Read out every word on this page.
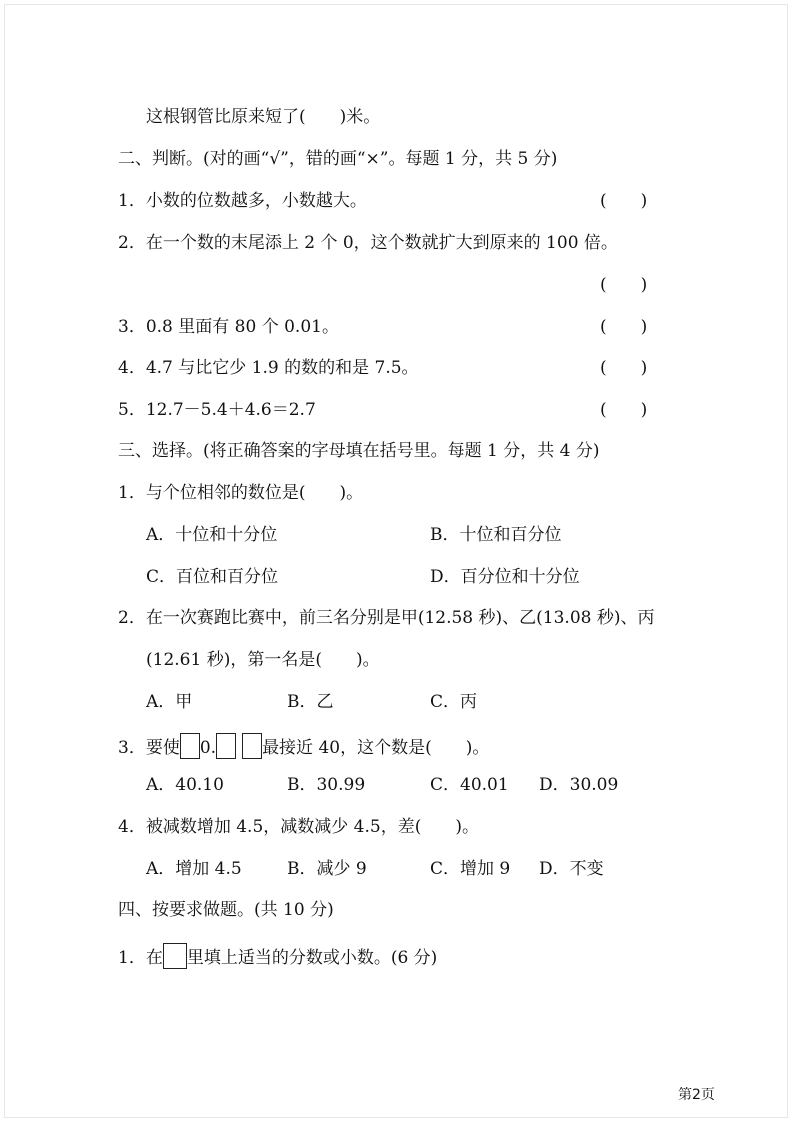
这根钢管比原来短了(　　)米。
二、判断。(对的画“√”，错的画“×”。每题 1 分，共 5 分)
1．小数的位数越多，小数越大。	(　　)
2．在一个数的末尾添上 2 个 0，这个数就扩大到原来的 100 倍。
(　　)
3．0.8 里面有 80 个 0.01。	(　　)
4．4.7 与比它少 1.9 的数的和是 7.5。	(　　)
5．12.7－5.4＋4.6＝2.7	(　　)
三、选择。(将正确答案的字母填在括号里。每题 1 分，共 4 分)
1．与个位相邻的数位是(　　)。
A．十位和十分位	B．十位和百分位
C．百位和百分位	D．百分位和十分位
2．在一次赛跑比赛中，前三名分别是甲(12.58 秒)、乙(13.08 秒)、丙
(12.61 秒)，第一名是(　　)。
A．甲	B．乙	C．丙
3．要使 0.	最接近 40，这个数是(　　)。
A．40.10	B．30.99	C．40.01 D．30.09
4．被减数增加 4.5，减数减少 4.5，差(　　)。
A．增加 4.5	B．减少 9	C．增加 9 D．不变
四、按要求做题。(共 10 分)
1．在 里填上适当的分数或小数。(6 分)
第2页
